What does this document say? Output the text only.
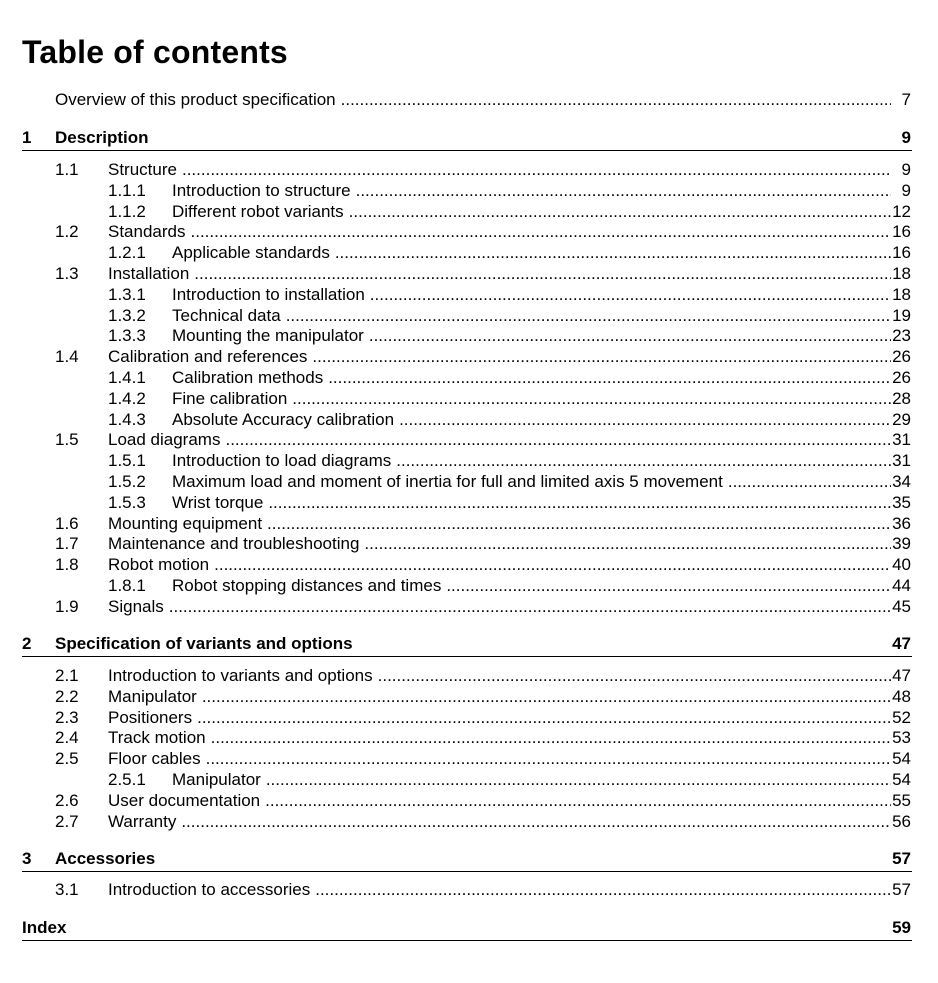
Table of contents
Overview of this product specification .....	7
1 Description	9
1.1 Structure .....	9
1.1.1 Introduction to structure .....	9
1.1.2 Different robot variants .....	12
1.2 Standards .....	16
1.2.1 Applicable standards .....	16
1.3 Installation .....	18
1.3.1 Introduction to installation .....	18
1.3.2 Technical data .....	19
1.3.3 Mounting the manipulator .....	23
1.4 Calibration and references .....	26
1.4.1 Calibration methods .....	26
1.4.2 Fine calibration .....	28
1.4.3 Absolute Accuracy calibration .....	29
1.5 Load diagrams .....	31
1.5.1 Introduction to load diagrams .....	31
1.5.2 Maximum load and moment of inertia for full and limited axis 5 movement .....	34
1.5.3 Wrist torque .....	35
1.6 Mounting equipment .....	36
1.7 Maintenance and troubleshooting .....	39
1.8 Robot motion .....	40
1.8.1 Robot stopping distances and times .....	44
1.9 Signals .....	45
2 Specification of variants and options	47
2.1 Introduction to variants and options .....	47
2.2 Manipulator .....	48
2.3 Positioners .....	52
2.4 Track motion .....	53
2.5 Floor cables .....	54
2.5.1 Manipulator .....	54
2.6 User documentation .....	55
2.7 Warranty .....	56
3 Accessories	57
3.1 Introduction to accessories .....	57
Index	59
